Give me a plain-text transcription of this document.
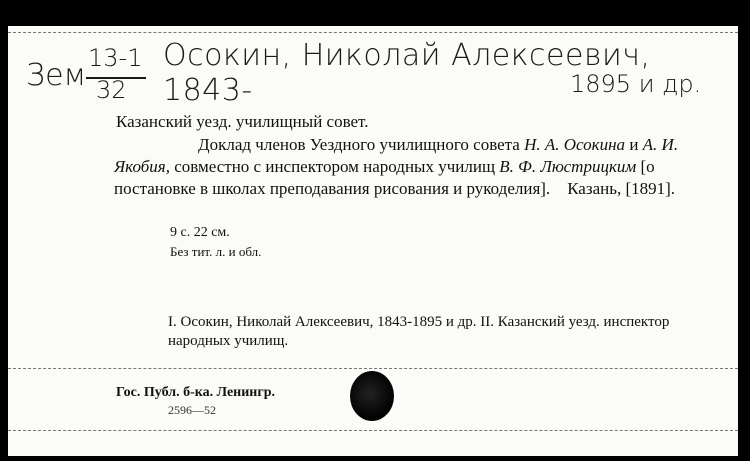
Зем 13-1
32
Осокин, Николай Алексеевич, 1843-	1895 и др.
Казанский уезд. училищный совет.
Доклад членов Уездного училищного совета Н. А. Осокина и А. И. Якобия, совместно с инспектором народных училищ В. Ф. Люстрицким [о постановке в школах преподавания рисования и рукоделия]. Казань, [1891].
9 с. 22 см.
Без тит. л. и обл.
I. Осокин, Николай Алексеевич, 1843-1895 и др. II. Казанский уезд. инспектор народных училищ.
Гос. Публ. б-ка. Ленингр.
2596—52
